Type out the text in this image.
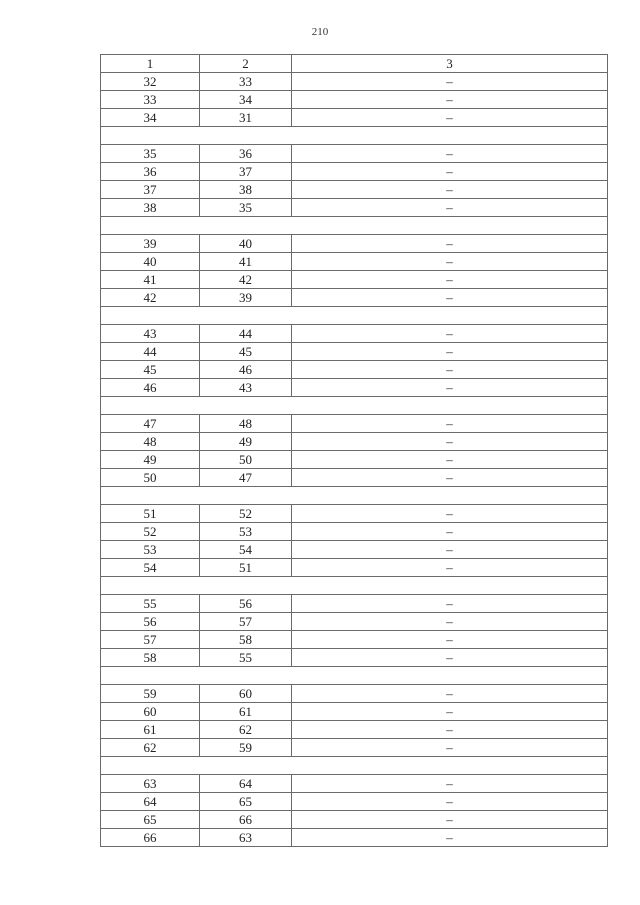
210
1	2	3
32	33	–
33	34	–
34	31	–

35	36	–
36	37	–
37	38	–
38	35	–

39	40	–
40	41	–
41	42	–
42	39	–

43	44	–
44	45	–
45	46	–
46	43	–

47	48	–
48	49	–
49	50	–
50	47	–

51	52	–
52	53	–
53	54	–
54	51	–

55	56	–
56	57	–
57	58	–
58	55	–

59	60	–
60	61	–
61	62	–
62	59	–

63	64	–
64	65	–
65	66	–
66	63	–
